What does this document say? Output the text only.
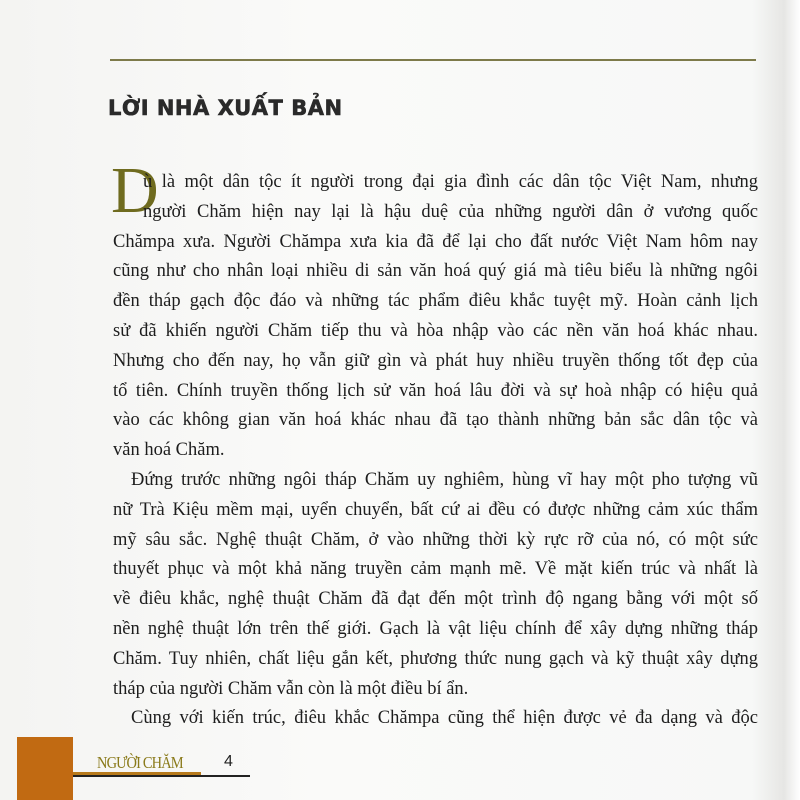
LỜI NHÀ XUẤT BẢN
D
ù là một dân tộc ít người trong đại gia đình các dân tộc Việt Nam, nhưng
người Chăm hiện nay lại là hậu duệ của những người dân ở vương quốc
Chămpa xưa. Người Chămpa xưa kia đã để lại cho đất nước Việt Nam hôm nay
cũng như cho nhân loại nhiều di sản văn hoá quý giá mà tiêu biểu là những ngôi
đền tháp gạch độc đáo và những tác phẩm điêu khắc tuyệt mỹ. Hoàn cảnh lịch
sử đã khiến người Chăm tiếp thu và hòa nhập vào các nền văn hoá khác nhau.
Nhưng cho đến nay, họ vẫn giữ gìn và phát huy nhiều truyền thống tốt đẹp của
tổ tiên. Chính truyền thống lịch sử văn hoá lâu đời và sự hoà nhập có hiệu quả
vào các không gian văn hoá khác nhau đã tạo thành những bản sắc dân tộc và
văn hoá Chăm.
Đứng trước những ngôi tháp Chăm uy nghiêm, hùng vĩ hay một pho tượng vũ
nữ Trà Kiệu mềm mại, uyển chuyển, bất cứ ai đều có được những cảm xúc thẩm
mỹ sâu sắc. Nghệ thuật Chăm, ở vào những thời kỳ rực rỡ của nó, có một sức
thuyết phục và một khả năng truyền cảm mạnh mẽ. Về mặt kiến trúc và nhất là
về điêu khắc, nghệ thuật Chăm đã đạt đến một trình độ ngang bằng với một số
nền nghệ thuật lớn trên thế giới. Gạch là vật liệu chính để xây dựng những tháp
Chăm. Tuy nhiên, chất liệu gắn kết, phương thức nung gạch và kỹ thuật xây dựng
tháp của người Chăm vẫn còn là một điều bí ẩn.
Cùng với kiến trúc, điêu khắc Chămpa cũng thể hiện được vẻ đa dạng và độc
NGƯỜI CHĂM	4
